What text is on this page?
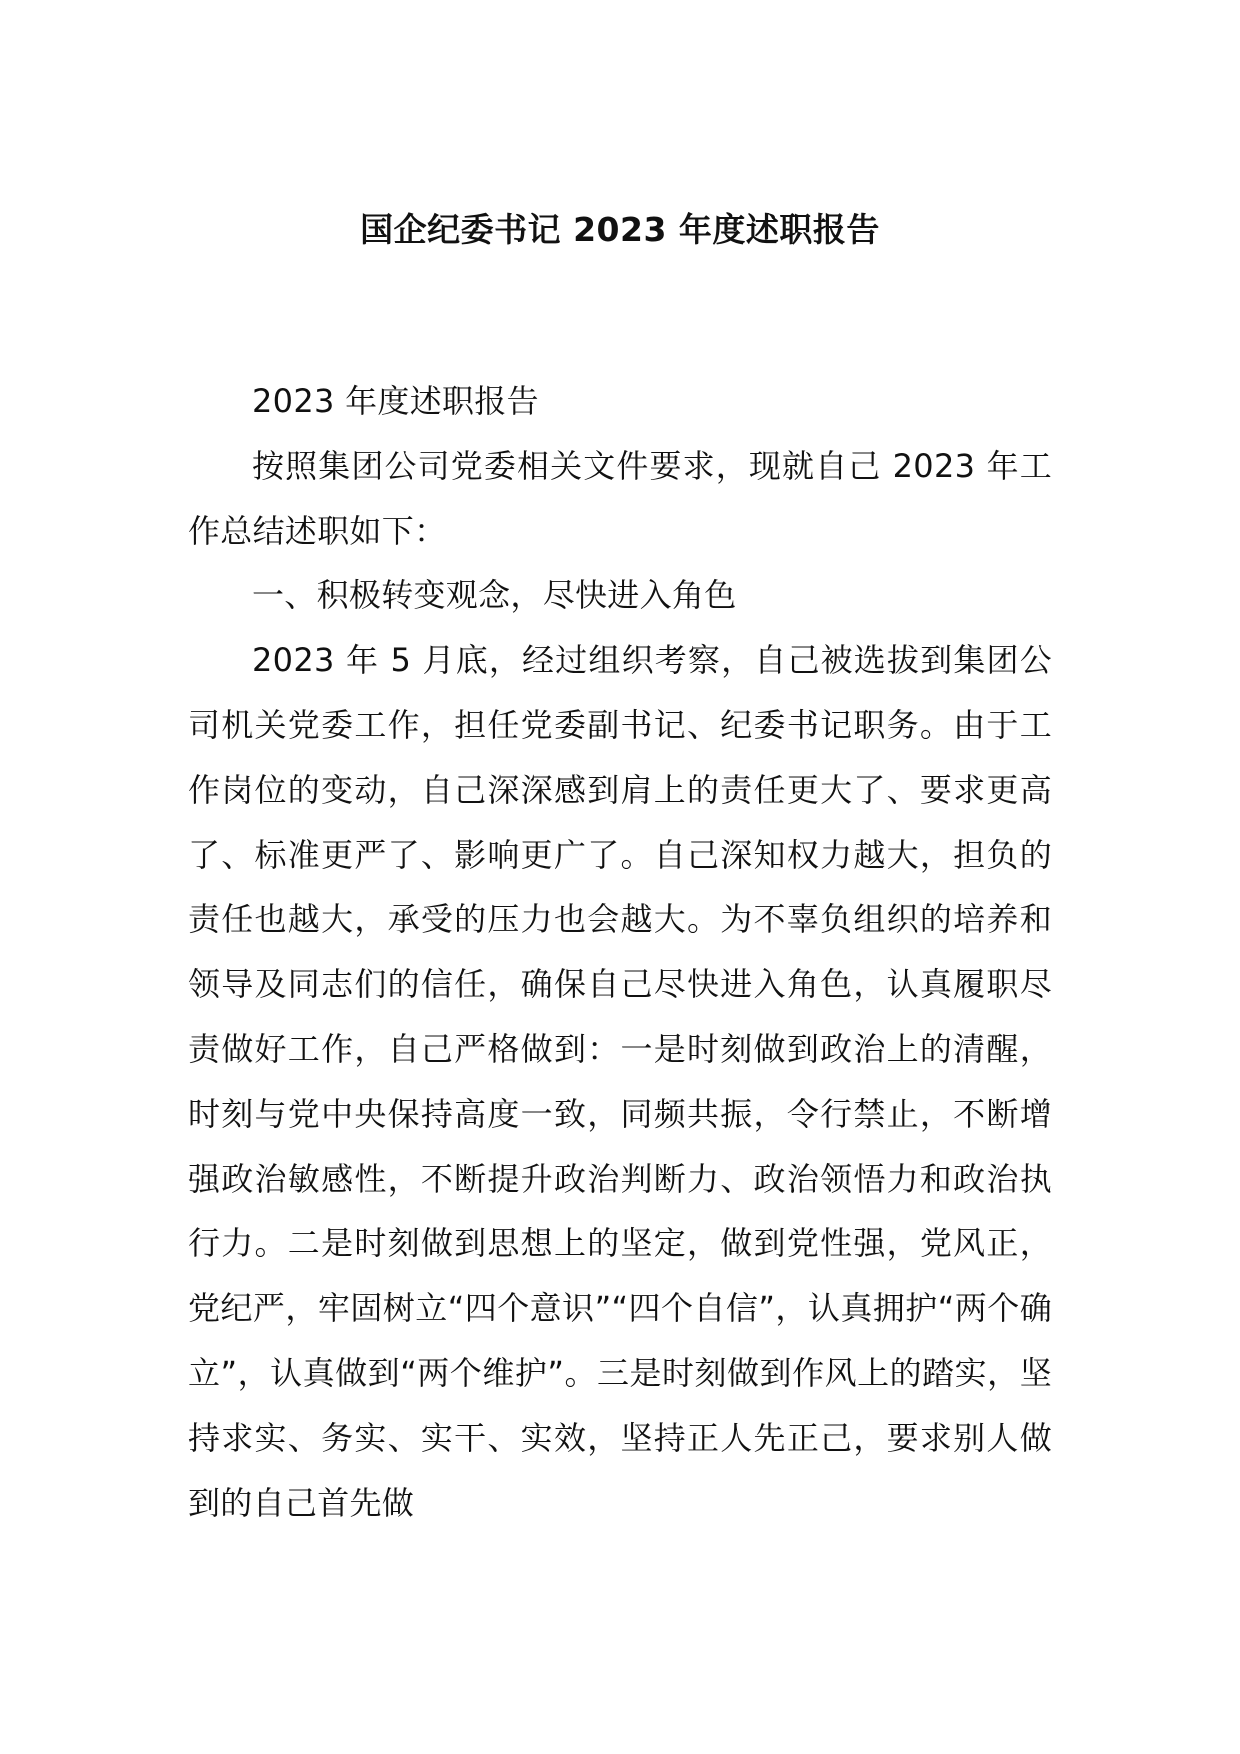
国企纪委书记 2023 年度述职报告

2023 年度述职报告

按照集团公司党委相关文件要求，现就自己 2023 年工作总结述职如下：

一、积极转变观念，尽快进入角色

2023 年 5 月底，经过组织考察，自己被选拔到集团公司机关党委工作，担任党委副书记、纪委书记职务。由于工作岗位的变动，自己深深感到肩上的责任更大了、要求更高了、标准更严了、影响更广了。自己深知权力越大，担负的责任也越大，承受的压力也会越大。为不辜负组织的培养和领导及同志们的信任，确保自己尽快进入角色，认真履职尽责做好工作，自己严格做到：一是时刻做到政治上的清醒，时刻与党中央保持高度一致，同频共振，令行禁止，不断增强政治敏感性，不断提升政治判断力、政治领悟力和政治执行力。二是时刻做到思想上的坚定，做到党性强，党风正，党纪严，牢固树立“四个意识”“四个自信”，认真拥护“两个确立”，认真做到“两个维护”。三是时刻做到作风上的踏实，坚持求实、务实、实干、实效，坚持正人先正己，要求别人做到的自己首先做
